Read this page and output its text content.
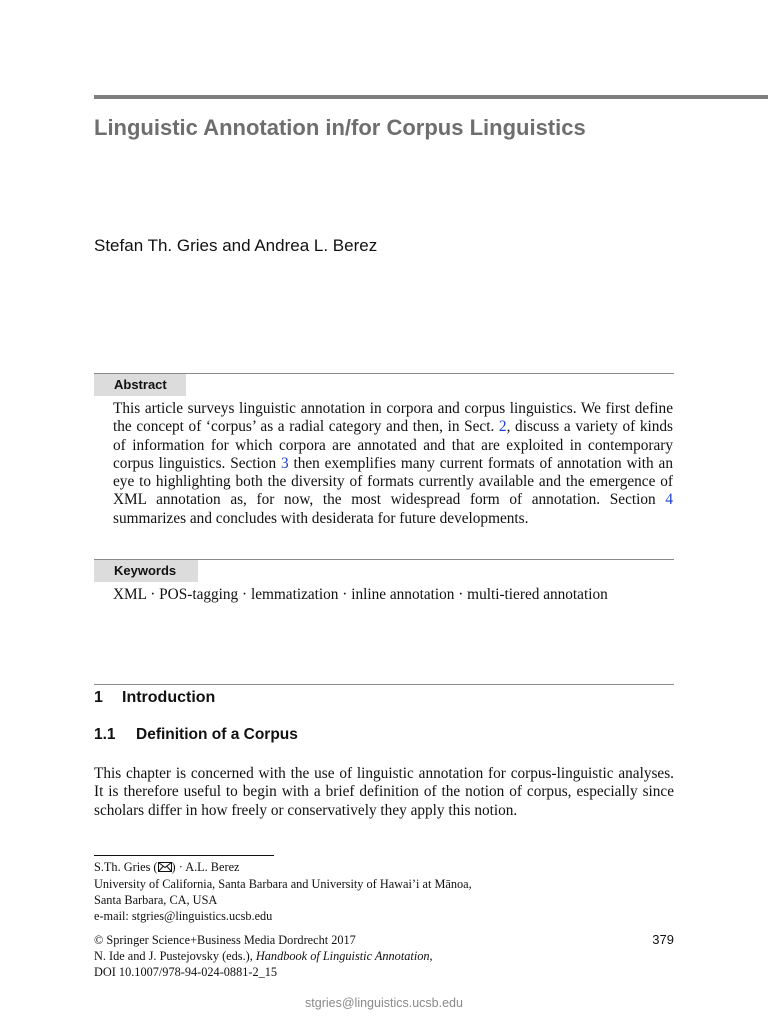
Linguistic Annotation in/for Corpus Linguistics
Stefan Th. Gries and Andrea L. Berez
Abstract
This article surveys linguistic annotation in corpora and corpus linguistics. We first define the concept of ‘corpus’ as a radial category and then, in Sect. 2, discuss a variety of kinds of information for which corpora are annotated and that are exploited in contemporary corpus linguistics. Section 3 then exemplifies many current formats of annotation with an eye to highlighting both the diversity of formats currently available and the emergence of XML annotation as, for now, the most widespread form of annotation. Section 4 summarizes and concludes with desiderata for future developments.
Keywords
XML · POS-tagging · lemmatization · inline annotation · multi-tiered annotation
1 Introduction
1.1 Definition of a Corpus
This chapter is concerned with the use of linguistic annotation for corpus-linguistic analyses. It is therefore useful to begin with a brief definition of the notion of corpus, especially since scholars differ in how freely or conservatively they apply this notion.
S.Th. Gries ( ) · A.L. Berez
University of California, Santa Barbara and University of Hawai’i at Mānoa,
Santa Barbara, CA, USA
e-mail: stgries@linguistics.ucsb.edu
© Springer Science+Business Media Dordrecht 2017
N. Ide and J. Pustejovsky (eds.), Handbook of Linguistic Annotation,
DOI 10.1007/978-94-024-0881-2_15
379
stgries@linguistics.ucsb.edu
